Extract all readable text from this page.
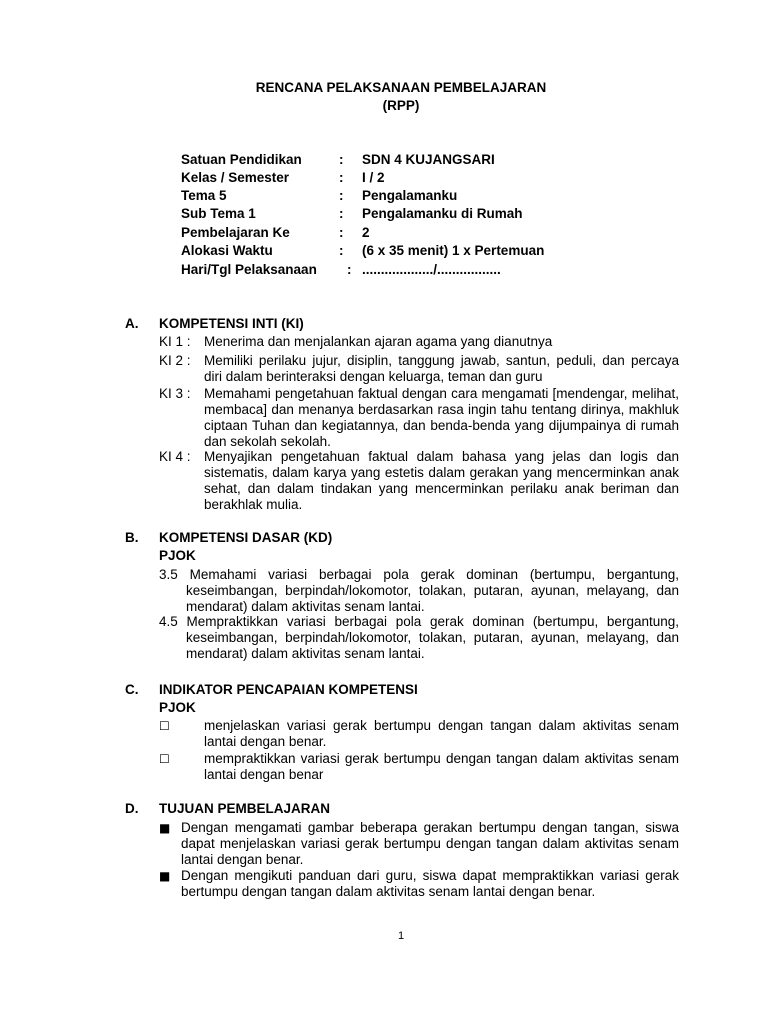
RENCANA PELAKSANAAN PEMBELAJARAN
(RPP)
Satuan Pendidikan	: SDN 4 KUJANGSARI
Kelas / Semester	: I / 2
Tema 5	: Pengalamanku
Sub Tema 1	: Pengalamanku di Rumah
Pembelajaran Ke	: 2
Alokasi Waktu	: (6 x 35 menit) 1 x Pertemuan
Hari/Tgl Pelaksanaan : .................../.................
A. KOMPETENSI INTI (KI)
KI 1 : Menerima dan menjalankan ajaran agama yang dianutnya
KI 2 : Memiliki perilaku jujur, disiplin, tanggung jawab, santun, peduli, dan percaya diri dalam berinteraksi dengan keluarga, teman dan guru
KI 3 : Memahami pengetahuan faktual dengan cara mengamati [mendengar, melihat, membaca] dan menanya berdasarkan rasa ingin tahu tentang dirinya, makhluk ciptaan Tuhan dan kegiatannya, dan benda-benda yang dijumpainya di rumah dan sekolah sekolah.
KI 4 : Menyajikan pengetahuan faktual dalam bahasa yang jelas dan logis dan sistematis, dalam karya yang estetis dalam gerakan yang mencerminkan anak sehat, dan dalam tindakan yang mencerminkan perilaku anak beriman dan berakhlak mulia.
B. KOMPETENSI DASAR (KD)
PJOK
3.5 Memahami variasi berbagai pola gerak dominan (bertumpu, bergantung, keseimbangan, berpindah/lokomotor, tolakan, putaran, ayunan, melayang, dan mendarat) dalam aktivitas senam lantai.
4.5 Mempraktikkan variasi berbagai pola gerak dominan (bertumpu, bergantung, keseimbangan, berpindah/lokomotor, tolakan, putaran, ayunan, melayang, dan mendarat) dalam aktivitas senam lantai.
C. INDIKATOR PENCAPAIAN KOMPETENSI
PJOK
☐	menjelaskan variasi gerak bertumpu dengan tangan dalam aktivitas senam lantai dengan benar.
☐	mempraktikkan variasi gerak bertumpu dengan tangan dalam aktivitas senam lantai dengan benar
D. TUJUAN PEMBELAJARAN
■ Dengan mengamati gambar beberapa gerakan bertumpu dengan tangan, siswa dapat menjelaskan variasi gerak bertumpu dengan tangan dalam aktivitas senam lantai dengan benar.
■ Dengan mengikuti panduan dari guru, siswa dapat mempraktikkan variasi gerak bertumpu dengan tangan dalam aktivitas senam lantai dengan benar.
1
